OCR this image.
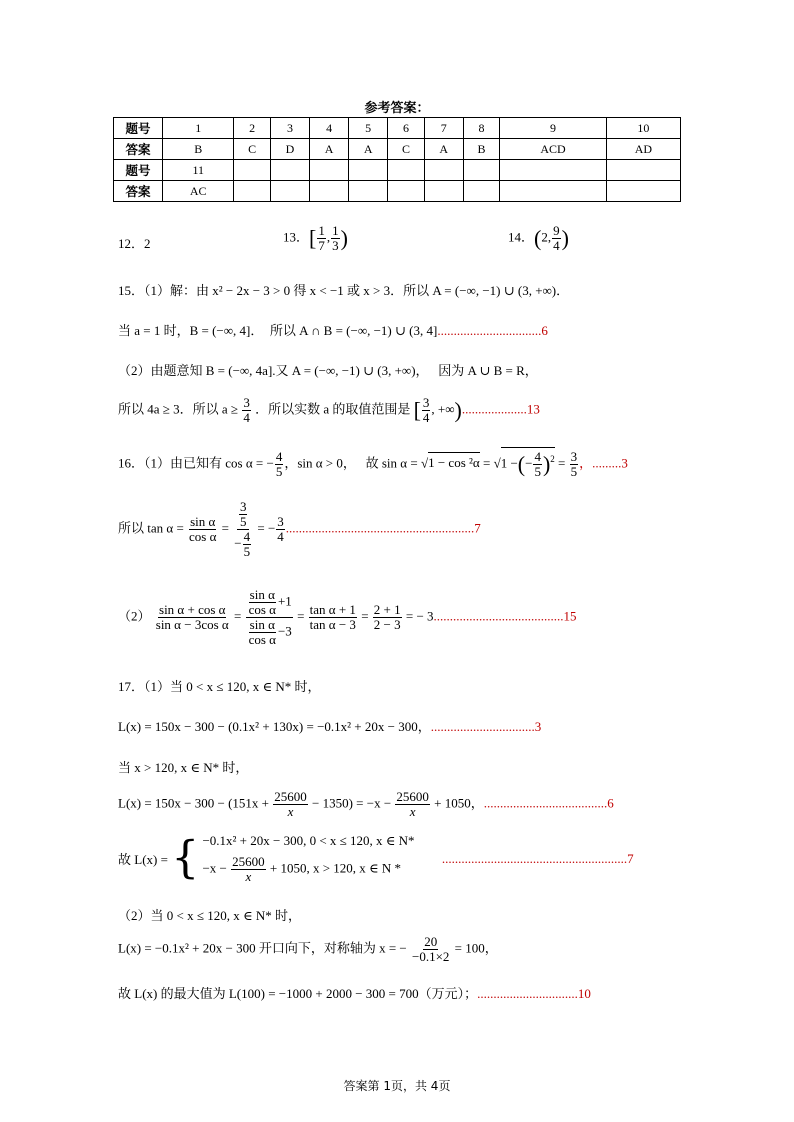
参考答案：
题号	1	2	3	4	5	6	7	8	9	10
答案	B	C	D	A	A	C	A	B	ACD	AD
题号	11									
答案	AC									
12．2	13．[ $\frac{1}{7}$ , $\frac{1}{3}$ )	14．(2, $\frac{9}{4}$ )
15．（1）解：由 x² − 2x − 3 > 0 得 x < −1 或 x > 3．所以 A = (−∞, −1) ∪ (3, +∞)．
当 a = 1 时，B = (−∞, 4]．　所以 A ∩ B = (−∞, −1) ∪ (3, 4]................................6
（2）由题意知 B = (−∞, 4a].又 A = (−∞, −1) ∪ (3, +∞)，　 因为 A ∪ B = R，
所以 4a ≥ 3．所以 $a \ge \frac{3}{4}$ ．所以实数 a 的取值范围是 [ $\frac{3}{4}$ , +∞)....................13
16．（1）由已知有 cos α = − $\frac{4}{5}$ ，sin α > 0，　 故 sin α = √1 − cos ²α = √1 −(− $\frac{4}{5} )^2 = \frac{3}{5}$ ，.........3
所以 $\tan \alpha = \frac{\text{sin α}}{\text{cos α}} = \frac{\frac{3}{5}}{- \frac{4}{5}}$ = − $\frac{3}{4} ..........................................................7$
$(2) \frac{\text{sin α + cos α}}{\text{sin α − 3cos α}} = \frac{\frac{\text{sin α}}{\text{cos α}} +1}{\frac{\text{sin α}}{\text{cos α}} -3} = \frac{\text{tan α + 1}}{\text{tan α − 3}} = \frac{2 + 1}{2 - 3}$ = − 3........................................15
17．（1）当 0 < x ≤ 120, x ∈ N* 时，
L(x) = 150x − 300 − (0.1x² + 130x) = −0.1x² + 20x − 300，................................3
当 x > 120, x ∈ N* 时，
$L(x) = 150x - 300 - (151x + \frac{25600}{x} - 1350) = -x - \frac{25600}{x} + 1050$，......................................6
故 L(x) = { −0.1x² + 20x − 300, 0 < x ≤ 120, x ∈ N*
$-x - \frac{25600}{x} + 1050$, x > 120, x ∈ N *
.........................................................7
（2）当 0 < x ≤ 120, x ∈ N* 时，
L(x) = −0.1x² + 20x − 300 开口向下，对称轴为 x = − $\frac{20}{-0.1\times 2} = 100$，
故 L(x) 的最大值为 L(100) = −1000 + 2000 − 300 = 700（万元）；...............................10
答案第 1页，共 4页
